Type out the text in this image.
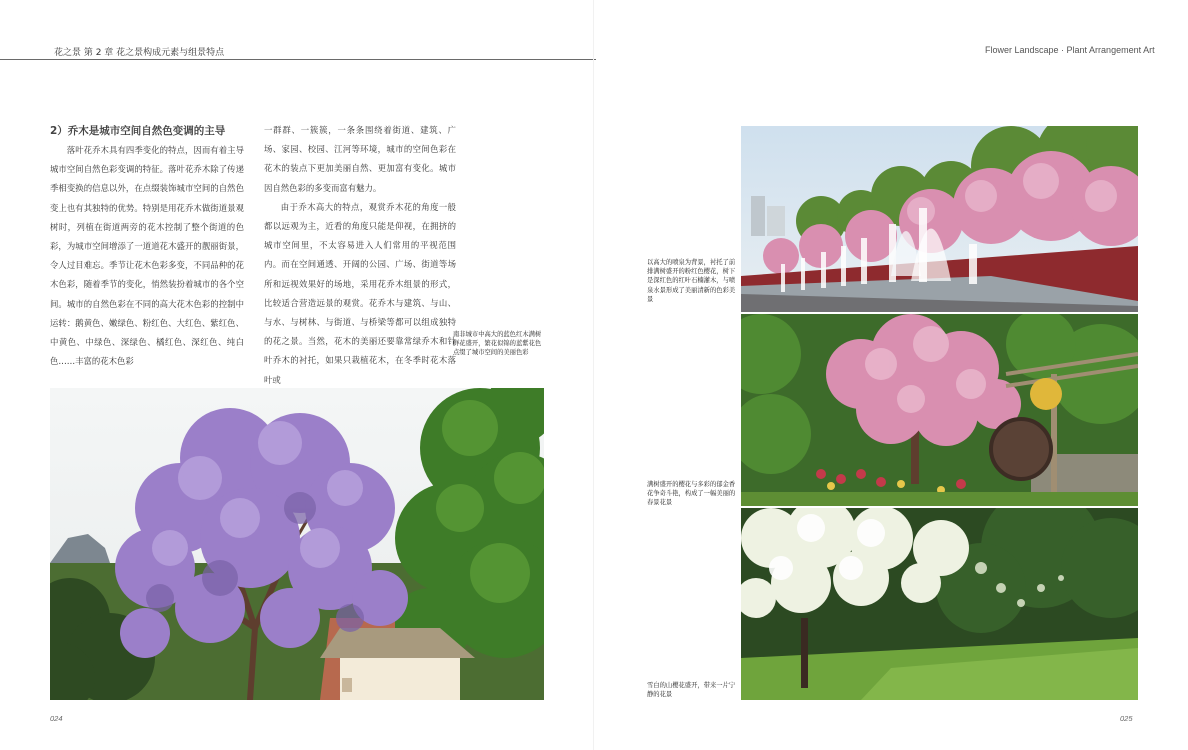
花之景 第 2 章 花之景构成元素与组景特点	Flower Landscape · Plant Arrangement Art
2）乔木是城市空间自然色变调的主导

落叶花乔木具有四季变化的特点，因而有着主导城市空间自然色彩变调的特征。落叶花乔木除了传递季相变换的信息以外，在点缀装饰城市空间的自然色变上也有其独特的优势。特别是用花乔木做街道景观树时，列植在街道两旁的花木控制了整个街道的色彩，为城市空间增添了一道道花木盛开的靓丽街景，令人过目难忘。季节让花木色彩多变，不同品种的花木色彩，随着季节的变化，悄然装扮着城市的各个空间。城市的自然色彩在不同的高大花木色彩的控制中运转：鹅黄色、嫩绿色、粉红色、大红色、紫红色、中黄色、中绿色、深绿色、橘红色、深红色、纯白色……丰富的花木色彩

一群群、一簇簇，一条条围绕着街道、建筑、广场、家园、校园、江河等环境，城市的空间色彩在花木的装点下更加美丽自然、更加富有变化。城市因自然色彩的多变而富有魅力。

由于乔木高大的特点，观赏乔木花的角度一般都以远观为主，近看的角度只能是仰视，在拥挤的城市空间里，不太容易进入人们常用的平视范围内。而在空间通透、开阔的公园、广场、街道等场所和远视效果好的场地，采用花乔木组景的形式，比较适合营造远景的观赏。花乔木与建筑、与山、与水、与树林、与街道、与桥梁等都可以组成独特的花之景。当然，花木的美丽还要靠常绿乔木和针叶乔木的衬托，如果只栽植花木，在冬季时花木落叶或

南非城市中高大的蓝色红木满树鲜花盛开，繁花似锦的蓝紫花色点缀了城市空间的美丽色彩
以高大的喷泉为背景，衬托了前排满树盛开的粉红色樱花，树下是深红色的红叶石楠灌木，与喷泉水景形成了美丽清新的色彩美景
满树盛开的樱花与多彩的郁金香花争奇斗艳，构成了一幅美丽的春景花景
雪白的山樱花盛开，带来一片宁静的花景
024	025
